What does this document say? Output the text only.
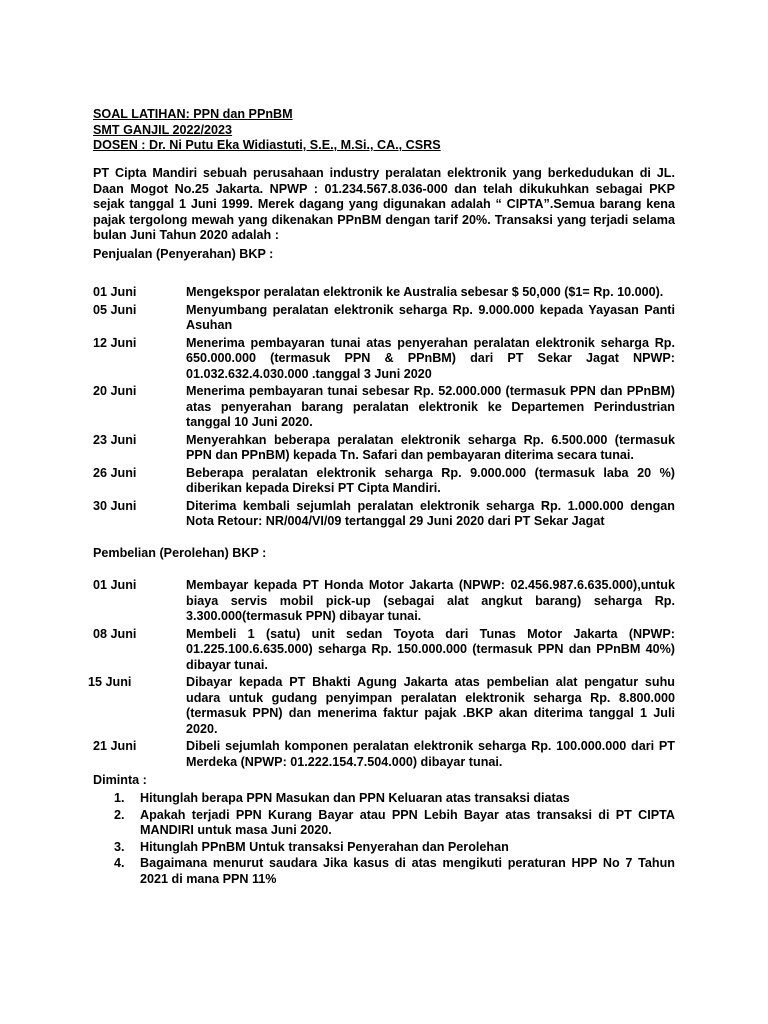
SOAL LATIHAN: PPN dan PPnBM
SMT GANJIL 2022/2023
DOSEN : Dr. Ni Putu Eka Widiastuti, S.E., M.Si., CA., CSRS

PT Cipta Mandiri sebuah perusahaan industry peralatan elektronik yang berkedudukan di JL. Daan Mogot No.25 Jakarta. NPWP : 01.234.567.8.036-000 dan telah dikukuhkan sebagai PKP sejak tanggal 1 Juni 1999. Merek dagang yang digunakan adalah “ CIPTA”.Semua barang kena pajak tergolong mewah yang dikenakan PPnBM dengan tarif 20%. Transaksi yang terjadi selama bulan Juni Tahun 2020 adalah :

Penjualan (Penyerahan) BKP :
01 Juni	Mengekspor peralatan elektronik ke Australia sebesar $ 50,000 ($1= Rp. 10.000).
05 Juni	Menyumbang peralatan elektronik seharga Rp. 9.000.000 kepada Yayasan Panti Asuhan
12 Juni	Menerima pembayaran tunai atas penyerahan peralatan elektronik seharga Rp. 650.000.000 (termasuk PPN & PPnBM) dari PT Sekar Jagat NPWP: 01.032.632.4.030.000 .tanggal 3 Juni 2020
20 Juni	Menerima pembayaran tunai sebesar Rp. 52.000.000 (termasuk PPN dan PPnBM) atas penyerahan barang peralatan elektronik ke Departemen Perindustrian tanggal 10 Juni 2020.
23 Juni	Menyerahkan beberapa peralatan elektronik seharga Rp. 6.500.000 (termasuk PPN dan PPnBM) kepada Tn. Safari dan pembayaran diterima secara tunai.
26 Juni	Beberapa peralatan elektronik seharga Rp. 9.000.000 (termasuk laba 20 %) diberikan kepada Direksi PT Cipta Mandiri.
30 Juni	Diterima kembali sejumlah peralatan elektronik seharga Rp. 1.000.000 dengan Nota Retour: NR/004/VI/09 tertanggal 29 Juni 2020 dari PT Sekar Jagat
Pembelian (Perolehan) BKP :
01 Juni	Membayar kepada PT Honda Motor Jakarta (NPWP: 02.456.987.6.635.000),untuk biaya servis mobil pick-up (sebagai alat angkut barang) seharga Rp. 3.300.000(termasuk PPN) dibayar tunai.
08 Juni	Membeli 1 (satu) unit sedan Toyota dari Tunas Motor Jakarta (NPWP: 01.225.100.6.635.000) seharga Rp. 150.000.000 (termasuk PPN dan PPnBM 40%) dibayar tunai.
15 Juni	Dibayar kepada PT Bhakti Agung Jakarta atas pembelian alat pengatur suhu udara untuk gudang penyimpan peralatan elektronik seharga Rp. 8.800.000 (termasuk PPN) dan menerima faktur pajak .BKP akan diterima tanggal 1 Juli 2020.
21 Juni	Dibeli sejumlah komponen peralatan elektronik seharga Rp. 100.000.000 dari PT Merdeka (NPWP: 01.222.154.7.504.000) dibayar tunai.
Diminta :
1. Hitunglah berapa PPN Masukan dan PPN Keluaran atas transaksi diatas
2. Apakah terjadi PPN Kurang Bayar atau PPN Lebih Bayar atas transaksi di PT CIPTA MANDIRI untuk masa Juni 2020.
3. Hitunglah PPnBM Untuk transaksi Penyerahan dan Perolehan
4. Bagaimana menurut saudara Jika kasus di atas mengikuti peraturan HPP No 7 Tahun 2021 di mana PPN 11%
